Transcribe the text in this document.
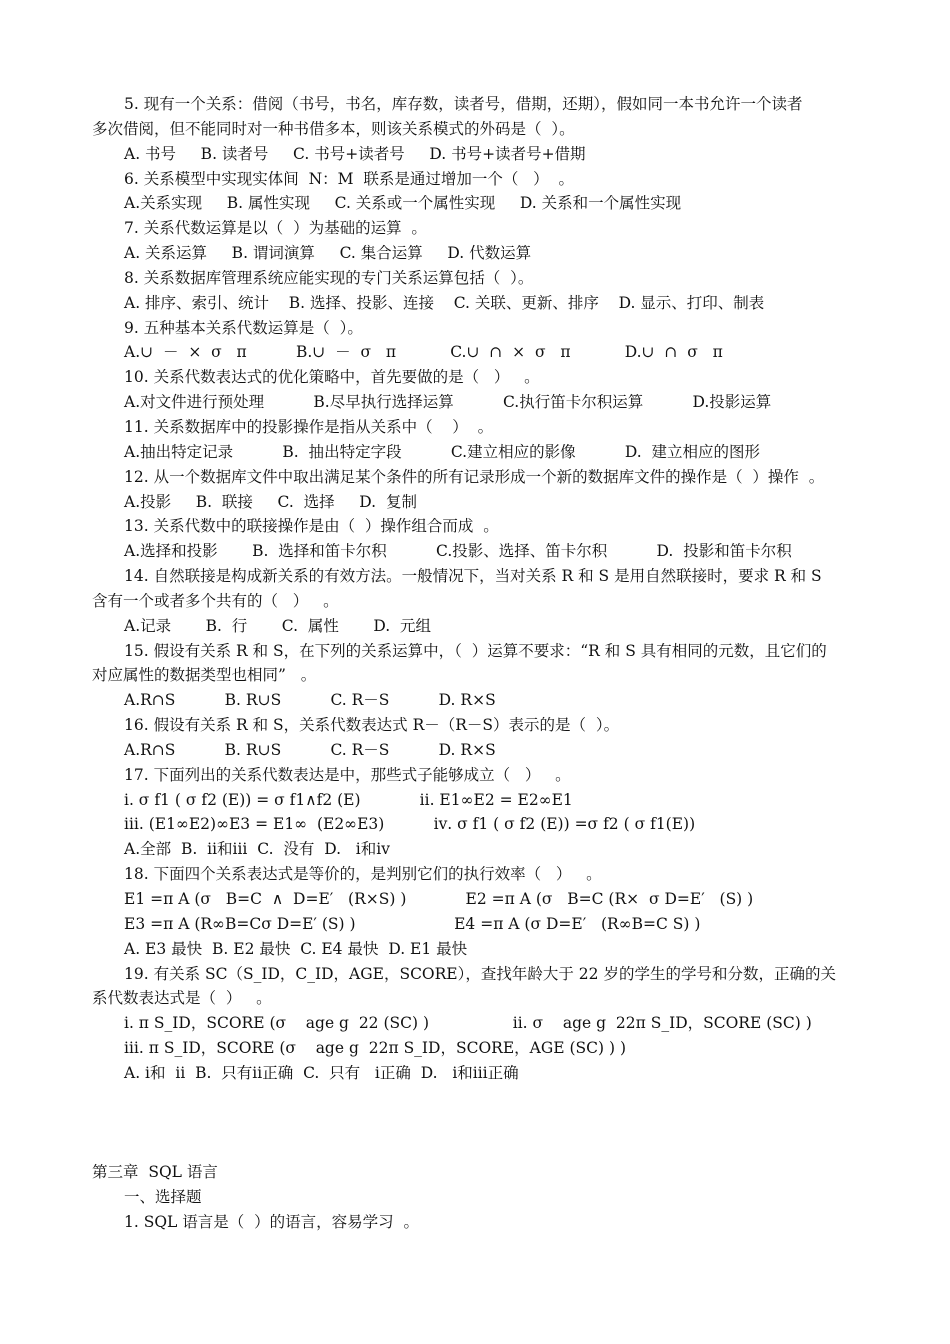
5. 现有一个关系：借阅（书号，书名，库存数，读者号，借期，还期），假如同一本书允许一个读者
多次借阅，但不能同时对一种书借多本，则该关系模式的外码是（  ）。
A. 书号     B. 读者号     C. 书号+读者号     D. 书号+读者号+借期
6. 关系模型中实现实体间  N：M  联系是通过增加一个（   ）  。
A.关系实现     B. 属性实现     C. 关系或一个属性实现     D. 关系和一个属性实现
7. 关系代数运算是以（  ）为基础的运算  。
A. 关系运算     B. 谓词演算     C. 集合运算     D. 代数运算
8. 关系数据库管理系统应能实现的专门关系运算包括（  ）。
A. 排序、索引、统计    B. 选择、投影、连接    C. 关联、更新、排序    D. 显示、打印、制表
9. 五种基本关系代数运算是（  ）。
A.∪  －  ×  σ   π          B.∪  －  σ   π           C.∪  ∩  ×  σ   π           D.∪  ∩  σ   π
10. 关系代数表达式的优化策略中，首先要做的是（   ）   。
A.对文件进行预处理          B.尽早执行选择运算          C.执行笛卡尔积运算          D.投影运算
11. 关系数据库中的投影操作是指从关系中（    ）  。
A.抽出特定记录          B.  抽出特定字段          C.建立相应的影像          D.  建立相应的图形
12. 从一个数据库文件中取出满足某个条件的所有记录形成一个新的数据库文件的操作是（  ）操作  。
A.投影     B.  联接     C.  选择     D.  复制
13. 关系代数中的联接操作是由（  ）操作组合而成  。
A.选择和投影       B.  选择和笛卡尔积          C.投影、选择、笛卡尔积          D.  投影和笛卡尔积
14. 自然联接是构成新关系的有效方法。一般情况下，当对关系 R 和 S 是用自然联接时，要求 R 和 S
含有一个或者多个共有的（   ）   。
A.记录       B.  行       C.  属性       D.  元组
15. 假设有关系 R 和 S，在下列的关系运算中，（  ）运算不要求：“R 和 S 具有相同的元数，且它们的
对应属性的数据类型也相同”   。
A.R∩S          B. R∪S          C. R－S          D. R×S
16. 假设有关系 R 和 S，关系代数表达式 R－（R－S）表示的是（  ）。
A.R∩S          B. R∪S          C. R－S          D. R×S
17. 下面列出的关系代数表达是中，那些式子能够成立（   ）   。
ⅰ. σ f1 ( σ f2 (E)) = σ f1∧f2 (E)            ⅱ. E1∞E2 = E2∞E1
ⅲ. (E1∞E2)∞E3 = E1∞  (E2∞E3)          ⅳ. σ f1 ( σ f2 (E)) =σ f2 ( σ f1(E))
A.全部  B.  ⅱ和ⅲ  C.  没有  D.   ⅰ和ⅳ
18. 下面四个关系表达式是等价的，是判别它们的执行效率（   ）   。
E1 =π A (σ   B=C  ∧  D=E′   (R×S) )            E2 =π A (σ   B=C (R×  σ D=E′   (S) )
E3 =π A (R∞B=Cσ D=E′ (S) )                    E4 =π A (σ D=E′   (R∞B=C S) )
A. E3 最快  B. E2 最快  C. E4 最快  D. E1 最快
19. 有关系 SC（S_ID，C_ID，AGE，SCORE），查找年龄大于 22 岁的学生的学号和分数，正确的关
系代数表达式是（  ）   。
ⅰ. π S_ID，SCORE (σ    age g  22 (SC) )                 ⅱ. σ    age g  22π S_ID，SCORE (SC) )
ⅲ. π S_ID，SCORE (σ    age g  22π S_ID，SCORE，AGE (SC) ) )
A. ⅰ和  ⅱ  B.  只有ⅱ正确  C.  只有   ⅰ正确  D.   ⅰ和ⅲ正确

第三章  SQL 语言
一、选择题
1. SQL 语言是（  ）的语言，容易学习  。
